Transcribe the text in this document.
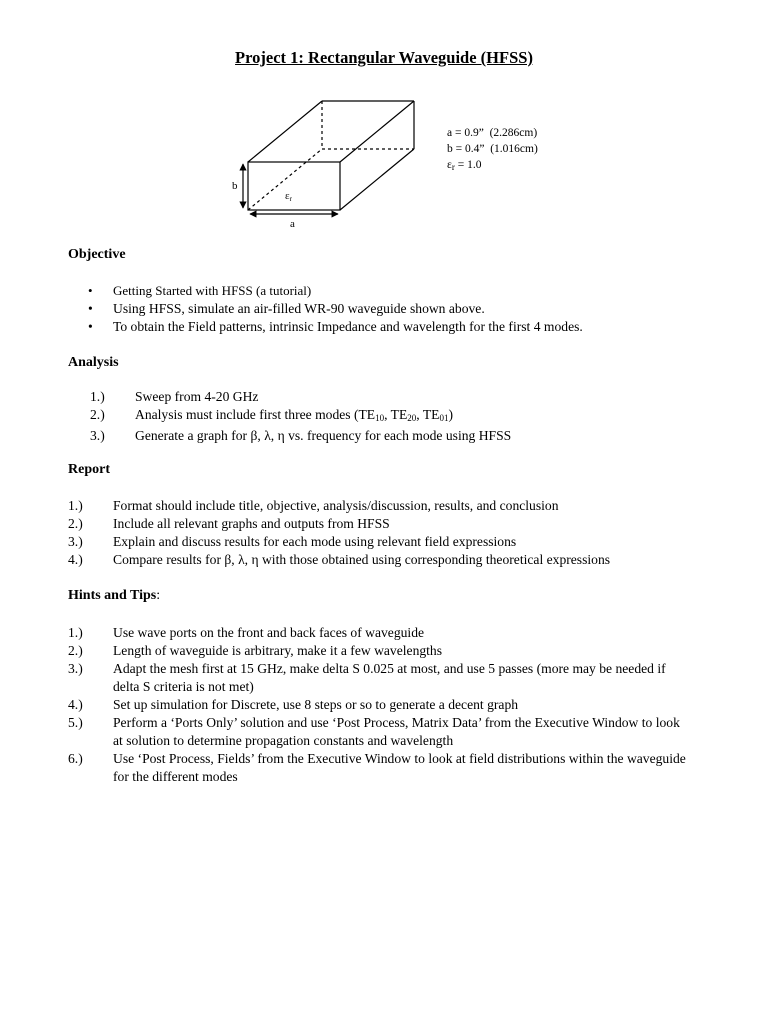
Project 1: Rectangular Waveguide (HFSS)
b
a
εr
a = 0.9”  (2.286cm)
b = 0.4”  (1.016cm)
$\varepsilon_r = 1.0$
Objective
• Getting Started with HFSS (a tutorial)
• Using HFSS, simulate an air-filled WR-90 waveguide shown above.
• To obtain the Field patterns, intrinsic Impedance and wavelength for the first 4 modes.
Analysis
1.)	Sweep from 4-20 GHz
2.)	Analysis must include first three modes ($TE_{10}$, $TE_{20}$, $TE_{01}$)
3.)	Generate a graph for β, λ, η vs. frequency for each mode using HFSS
Report
1.)	Format should include title, objective, analysis/discussion, results, and conclusion
2.)	Include all relevant graphs and outputs from HFSS
3.)	Explain and discuss results for each mode using relevant field expressions
4.)	Compare results for β, λ, η with those obtained using corresponding theoretical expressions
Hints and Tips:
1.)	Use wave ports on the front and back faces of waveguide
2.)	Length of waveguide is arbitrary, make it a few wavelengths
3.)	Adapt the mesh first at 15 GHz, make delta S 0.025 at most, and use 5 passes (more may be needed if delta S criteria is not met)
4.)	Set up simulation for Discrete, use 8 steps or so to generate a decent graph
5.)	Perform a ‘Ports Only’ solution and use ‘Post Process, Matrix Data’ from the Executive Window to look at solution to determine propagation constants and wavelength
6.)	Use ‘Post Process, Fields’ from the Executive Window to look at field distributions within the waveguide for the different modes
